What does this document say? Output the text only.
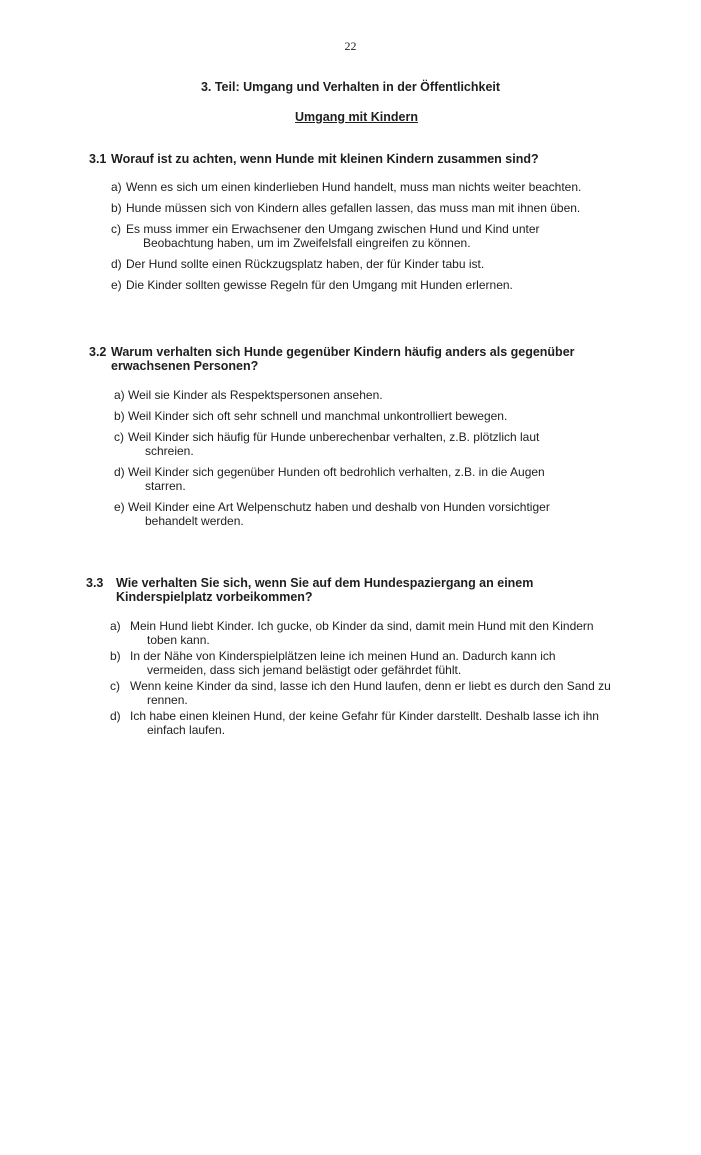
22
3. Teil: Umgang und Verhalten in der Öffentlichkeit
Umgang mit Kindern
3.1 Worauf ist zu achten, wenn Hunde mit kleinen Kindern zusammen sind?
a) Wenn es sich um einen kinderlieben Hund handelt, muss man nichts weiter beachten.
b) Hunde müssen sich von Kindern alles gefallen lassen, das muss man mit ihnen üben.
c) Es muss immer ein Erwachsener den Umgang zwischen Hund und Kind unter Beobachtung haben, um im Zweifelsfall eingreifen zu können.
d) Der Hund sollte einen Rückzugsplatz haben, der für Kinder tabu ist.
e) Die Kinder sollten gewisse Regeln für den Umgang mit Hunden erlernen.
3.2 Warum verhalten sich Hunde gegenüber Kindern häufig anders als gegenüber erwachsenen Personen?
a) Weil sie Kinder als Respektspersonen ansehen.
b) Weil Kinder sich oft sehr schnell und manchmal unkontrolliert bewegen.
c) Weil Kinder sich häufig für Hunde unberechenbar verhalten, z.B. plötzlich laut schreien.
d) Weil Kinder sich gegenüber Hunden oft bedrohlich verhalten, z.B. in die Augen starren.
e) Weil Kinder eine Art Welpenschutz haben und deshalb von Hunden vorsichtiger behandelt werden.
3.3 Wie verhalten Sie sich, wenn Sie auf dem Hundespaziergang an einem Kinderspielplatz vorbeikommen?
a) Mein Hund liebt Kinder. Ich gucke, ob Kinder da sind, damit mein Hund mit den Kindern toben kann.
b) In der Nähe von Kinderspielplätzen leine ich meinen Hund an. Dadurch kann ich vermeiden, dass sich jemand belästigt oder gefährdet fühlt.
c) Wenn keine Kinder da sind, lasse ich den Hund laufen, denn er liebt es durch den Sand zu rennen.
d) Ich habe einen kleinen Hund, der keine Gefahr für Kinder darstellt. Deshalb lasse ich ihn einfach laufen.
